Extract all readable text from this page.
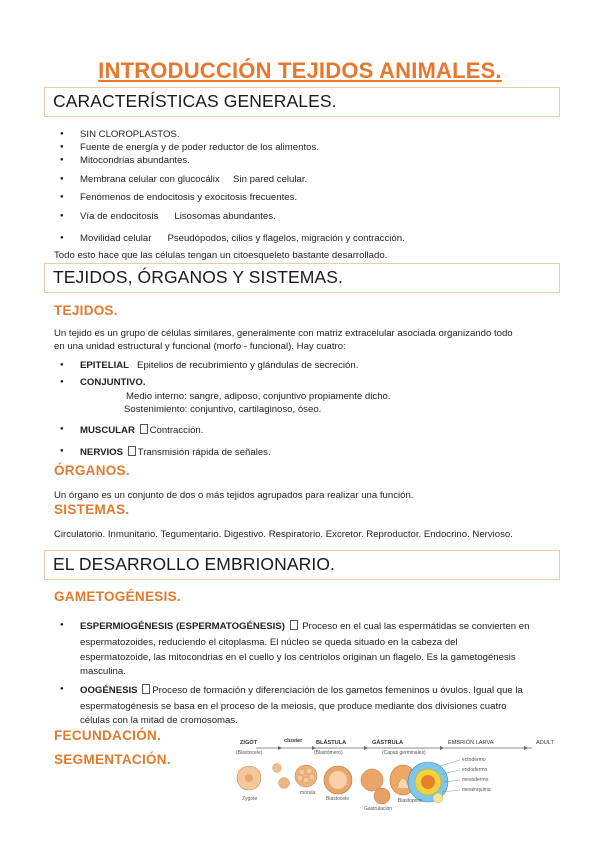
INTRODUCCIÓN TEJIDOS ANIMALES.
CARACTERÍSTICAS GENERALES.
SIN CLOROPLASTOS.
Fuente de energía y de poder reductor de los alimentos.
Mitocondrias abundantes.
Membrana celular con glucocálix     Sin pared celular.
Fenómenos de endocitosis y exocitosis frecuentes.
Vía de endocitosis      Lisosomas abundantes.
Movilidad celular      Pseudópodos, cilios y flagelos, migración y contracción.
Todo esto hace que las células tengan un citoesqueleto bastante desarrollado.
TEJIDOS, ÓRGANOS Y SISTEMAS.
TEJIDOS.
Un tejido es un grupo de células similares, generalmente con matriz extracelular asociada organizando todo
en una unidad estructural y funcional (morfo - funcional). Hay cuatro:
EPITELIAL Epitelios de recubrimiento y glándulas de secreción.
CONJUNTIVO.
Medio interno: sangre, adiposo, conjuntivo propiamente dicho.
Sostenimiento: conjuntivo, cartilaginoso, óseo.
MUSCULAR Contracción.
NERVIOS Transmisión rápida de señales.
ÓRGANOS.
Un órgano es un conjunto de dos o más tejidos agrupados para realizar una función.
SISTEMAS.
Circulatorio. Inmunitario. Tegumentario. Digestivo. Respiratorio. Excretor. Reproductor. Endocrino. Nervioso.
EL DESARROLLO EMBRIONARIO.
GAMETOGÉNESIS.
ESPERMIOGÉNESIS (ESPERMATOGÉNESIS) Proceso en el cual las espermátidas se convierten en
espermatozoides, reduciendo el citoplasma. El núcleo se queda situado en la cabeza del
espermatozoide, las mitocondrias en el cuello y los centriolos originan un flagelo. Es la gametogénesis
masculina.
OOGÉNESIS Proceso de formación y diferenciación de los gametos femeninos u óvulos. Igual que la
espermatogénesis se basa en el proceso de la meiosis, que produce mediante dos divisiones cuatro
células con la mitad de cromosomas.
FECUNDACIÓN.
SEGMENTACIÓN.
ZIGOT	cluster BLÁSTULA	GÁSTRULA	EMBRIÓN LARVA	ADULT
(Blastocele)	(Blastómero)	(Capas germinales)
ectodermo
endodermo
mesodermo
mesénquima
Zygote
mórula
Blastocele
Gastrulación
Blastoporo
